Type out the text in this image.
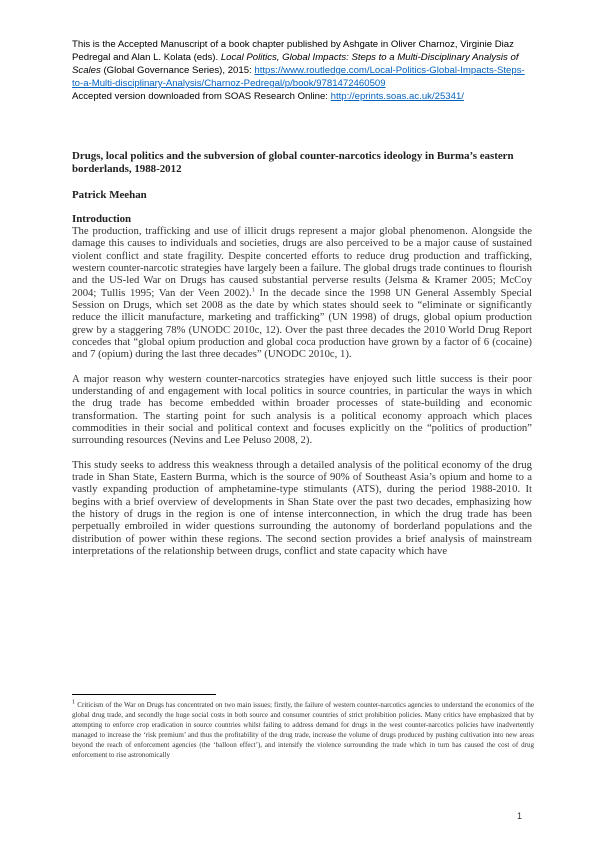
This is the Accepted Manuscript of a book chapter published by Ashgate in Oliver Charnoz, Virginie Diaz Pedregal and Alan L. Kolata (eds). Local Politics, Global Impacts: Steps to a Multi-Disciplinary Analysis of Scales (Global Governance Series), 2015: https://www.routledge.com/Local-Politics-Global-Impacts-Steps-to-a-Multi-disciplinary-Analysis/Charnoz-Pedregal/p/book/9781472460509
Accepted version downloaded from SOAS Research Online: http://eprints.soas.ac.uk/25341/
Drugs, local politics and the subversion of global counter-narcotics ideology in Burma’s eastern borderlands, 1988-2012
Patrick Meehan
Introduction

The production, trafficking and use of illicit drugs represent a major global phenomenon. Alongside the damage this causes to individuals and societies, drugs are also perceived to be a major cause of sustained violent conflict and state fragility. Despite concerted efforts to reduce drug production and trafficking, western counter-narcotic strategies have largely been a failure. The global drugs trade continues to flourish and the US-led War on Drugs has caused substantial perverse results (Jelsma & Kramer 2005; McCoy 2004; Tullis 1995; Van der Veen 2002).$^1$ In the decade since the 1998 UN General Assembly Special Session on Drugs, which set 2008 as the date by which states should seek to “eliminate or significantly reduce the illicit manufacture, marketing and trafficking” (UN 1998) of drugs, global opium production grew by a staggering 78% (UNODC 2010c, 12). Over the past three decades the 2010 World Drug Report concedes that “global opium production and global coca production have grown by a factor of 6 (cocaine) and 7 (opium) during the last three decades” (UNODC 2010c, 1).

A major reason why western counter-narcotics strategies have enjoyed such little success is their poor understanding of and engagement with local politics in source countries, in particular the ways in which the drug trade has become embedded within broader processes of state-building and economic transformation. The starting point for such analysis is a political economy approach which places commodities in their social and political context and focuses explicitly on the “politics of production” surrounding resources (Nevins and Lee Peluso 2008, 2).

This study seeks to address this weakness through a detailed analysis of the political economy of the drug trade in Shan State, Eastern Burma, which is the source of 90% of Southeast Asia’s opium and home to a vastly expanding production of amphetamine-type stimulants (ATS), during the period 1988-2010. It begins with a brief overview of developments in Shan State over the past two decades, emphasizing how the history of drugs in the region is one of intense interconnection, in which the drug trade has been perpetually embroiled in wider questions surrounding the autonomy of borderland populations and the distribution of power within these regions. The second section provides a brief analysis of mainstream interpretations of the relationship between drugs, conflict and state capacity which have

$^1$ Criticism of the War on Drugs has concentrated on two main issues; firstly, the failure of western counter-narcotics agencies to understand the economics of the global drug trade, and secondly the huge social costs in both source and consumer countries of strict prohibition policies. Many critics have emphasized that by attempting to enforce crop eradication in source countries whilst failing to address demand for drugs in the west counter-narcotics policies have inadvertently managed to increase the ‘risk premium’ and thus the profitability of the drug trade, increase the volume of drugs produced by pushing cultivation into new areas beyond the reach of enforcement agencies (the ‘balloon effect’), and intensify the violence surrounding the trade which in turn has caused the cost of drug enforcement to rise astronomically
1
